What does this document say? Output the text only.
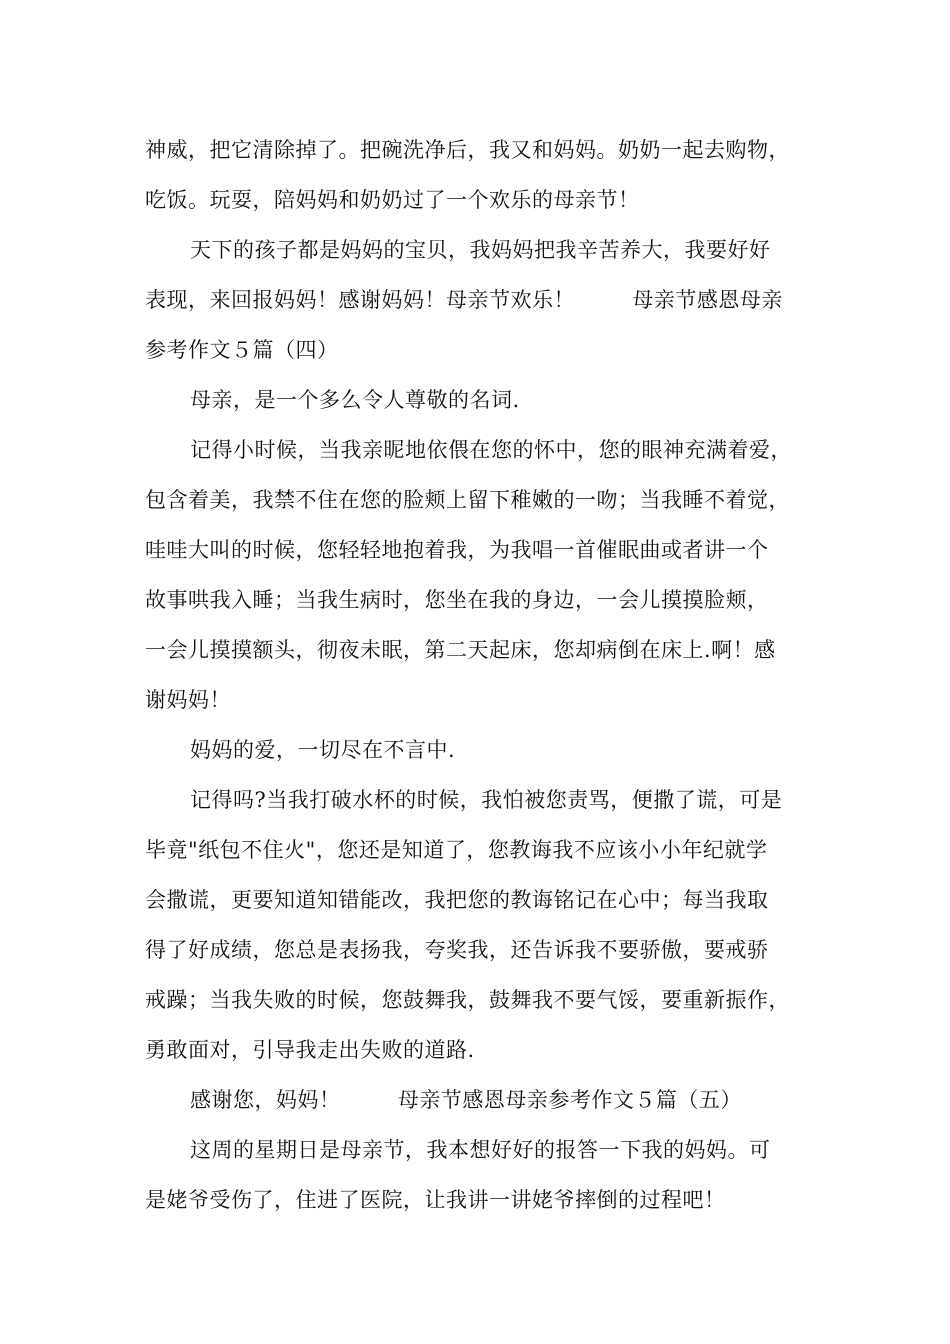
神威，把它清除掉了。把碗洗净后，我又和妈妈。奶奶一起去购物，
吃饭。玩耍，陪妈妈和奶奶过了一个欢乐的母亲节！
天下的孩子都是妈妈的宝贝，我妈妈把我辛苦养大，我要好好
表现，来回报妈妈！感谢妈妈！母亲节欢乐！        母亲节感恩母亲
参考作文５篇（四）
母亲，是一个多么令人尊敬的名词.
记得小时候，当我亲昵地依偎在您的怀中，您的眼神充满着爱，
包含着美，我禁不住在您的脸颊上留下稚嫩的一吻；当我睡不着觉，
哇哇大叫的时候，您轻轻地抱着我，为我唱一首催眠曲或者讲一个
故事哄我入睡；当我生病时，您坐在我的身边，一会儿摸摸脸颊，
一会儿摸摸额头，彻夜未眠，第二天起床，您却病倒在床上.啊！感
谢妈妈！
妈妈的爱，一切尽在不言中.
记得吗?当我打破水杯的时候，我怕被您责骂，便撒了谎，可是
毕竟"纸包不住火"，您还是知道了，您教诲我不应该小小年纪就学
会撒谎，更要知道知错能改，我把您的教诲铭记在心中；每当我取
得了好成绩，您总是表扬我，夸奖我，还告诉我不要骄傲，要戒骄
戒躁；当我失败的时候，您鼓舞我，鼓舞我不要气馁，要重新振作，
勇敢面对，引导我走出失败的道路.
感谢您，妈妈！        母亲节感恩母亲参考作文５篇（五）
这周的星期日是母亲节，我本想好好的报答一下我的妈妈。可
是姥爷受伤了，住进了医院，让我讲一讲姥爷摔倒的过程吧！
